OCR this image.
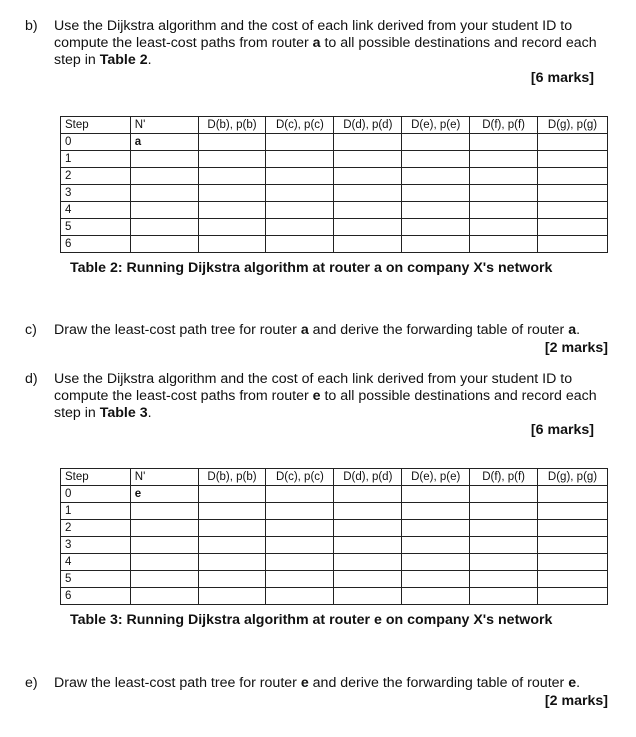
b) Use the Dijkstra algorithm and the cost of each link derived from your student ID to
compute the least-cost paths from router a to all possible destinations and record each
step in Table 2.
[6 marks]
Step	N'	D(b), p(b)	D(c), p(c)	D(d), p(d)	D(e), p(e)	D(f), p(f)	D(g), p(g)
0	a						
1							
2							
3							
4							
5							
6							
Table 2: Running Dijkstra algorithm at router a on company X's network
c) Draw the least-cost path tree for router a and derive the forwarding table of router a.
[2 marks]
d) Use the Dijkstra algorithm and the cost of each link derived from your student ID to
compute the least-cost paths from router e to all possible destinations and record each
step in Table 3.
[6 marks]
Step	N'	D(b), p(b)	D(c), p(c)	D(d), p(d)	D(e), p(e)	D(f), p(f)	D(g), p(g)
0	e						
1							
2							
3							
4							
5							
6							
Table 3: Running Dijkstra algorithm at router e on company X's network
e) Draw the least-cost path tree for router e and derive the forwarding table of router e.
[2 marks]
